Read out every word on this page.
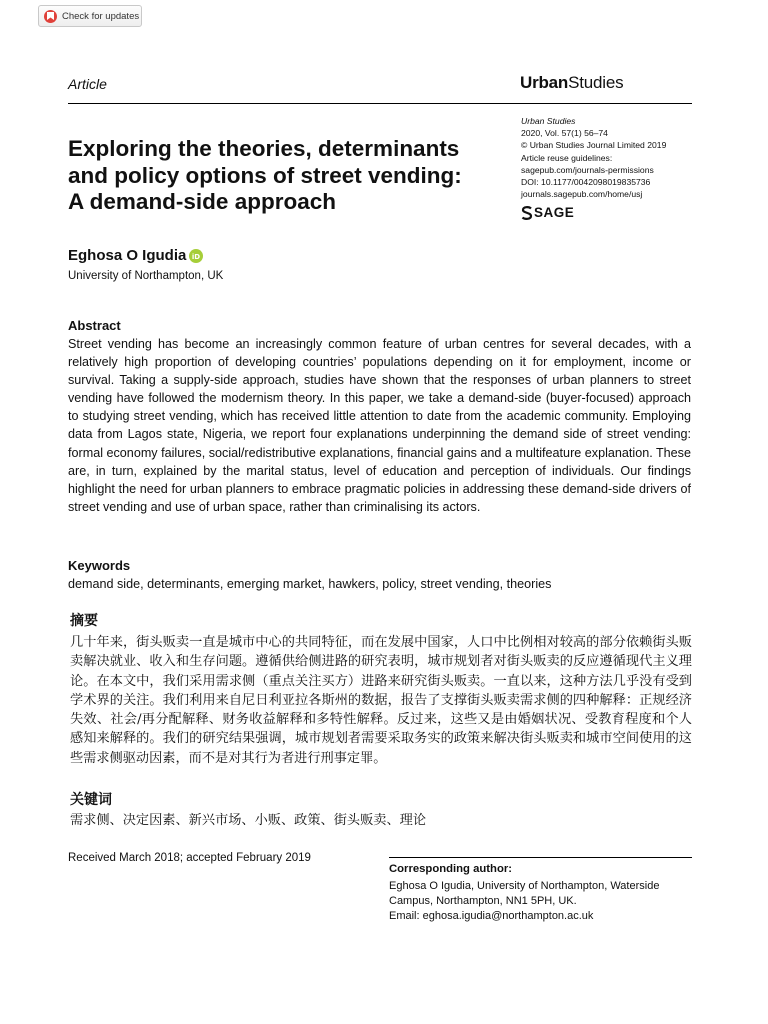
Check for updates
Article	UrbanStudies
Urban Studies
2020, Vol. 57(1) 56–74
© Urban Studies Journal Limited 2019
Article reuse guidelines:
sagepub.com/journals-permissions
DOI: 10.1177/0042098019835736
journals.sagepub.com/home/usj
SAGE
Exploring the theories, determinants
and policy options of street vending:
A demand-side approach
Eghosa O Igudia iD
University of Northampton, UK
Abstract
Street vending has become an increasingly common feature of urban centres for several decades, with a relatively high proportion of developing countries’ populations depending on it for employment, income or survival. Taking a supply-side approach, studies have shown that the responses of urban planners to street vending have followed the modernism theory. In this paper, we take a demand-side (buyer-focused) approach to studying street vending, which has received little attention to date from the academic community. Employing data from Lagos state, Nigeria, we report four explanations underpinning the demand side of street vending: formal economy failures, social/redistributive explanations, financial gains and a multifeature explanation. These are, in turn, explained by the marital status, level of education and perception of individuals. Our findings highlight the need for urban planners to embrace pragmatic policies in addressing these demand-side drivers of street vending and use of urban space, rather than criminalising its actors.
Keywords
demand side, determinants, emerging market, hawkers, policy, street vending, theories
摘要
几十年来，街头贩卖一直是城市中心的共同特征，而在发展中国家，人口中比例相对较高的部分依赖街头贩卖解决就业、收入和生存问题。遵循供给侧进路的研究表明，城市规划者对街头贩卖的反应遵循现代主义理论。在本文中，我们采用需求侧（重点关注买方）进路来研究街头贩卖。一直以来，这种方法几乎没有受到学术界的关注。我们利用来自尼日利亚拉各斯州的数据，报告了支撑街头贩卖需求侧的四种解释：正规经济失效、社会/再分配解释、财务收益解释和多特性解释。反过来，这些又是由婚姻状况、受教育程度和个人感知来解释的。我们的研究结果强调，城市规划者需要采取务实的政策来解决街头贩卖和城市空间使用的这些需求侧驱动因素，而不是对其行为者进行刑事定罪。
关键词
需求侧、决定因素、新兴市场、小贩、政策、街头贩卖、理论
Received March 2018; accepted February 2019
Corresponding author:
Eghosa O Igudia, University of Northampton, Waterside
Campus, Northampton, NN1 5PH, UK.
Email: eghosa.igudia@northampton.ac.uk
